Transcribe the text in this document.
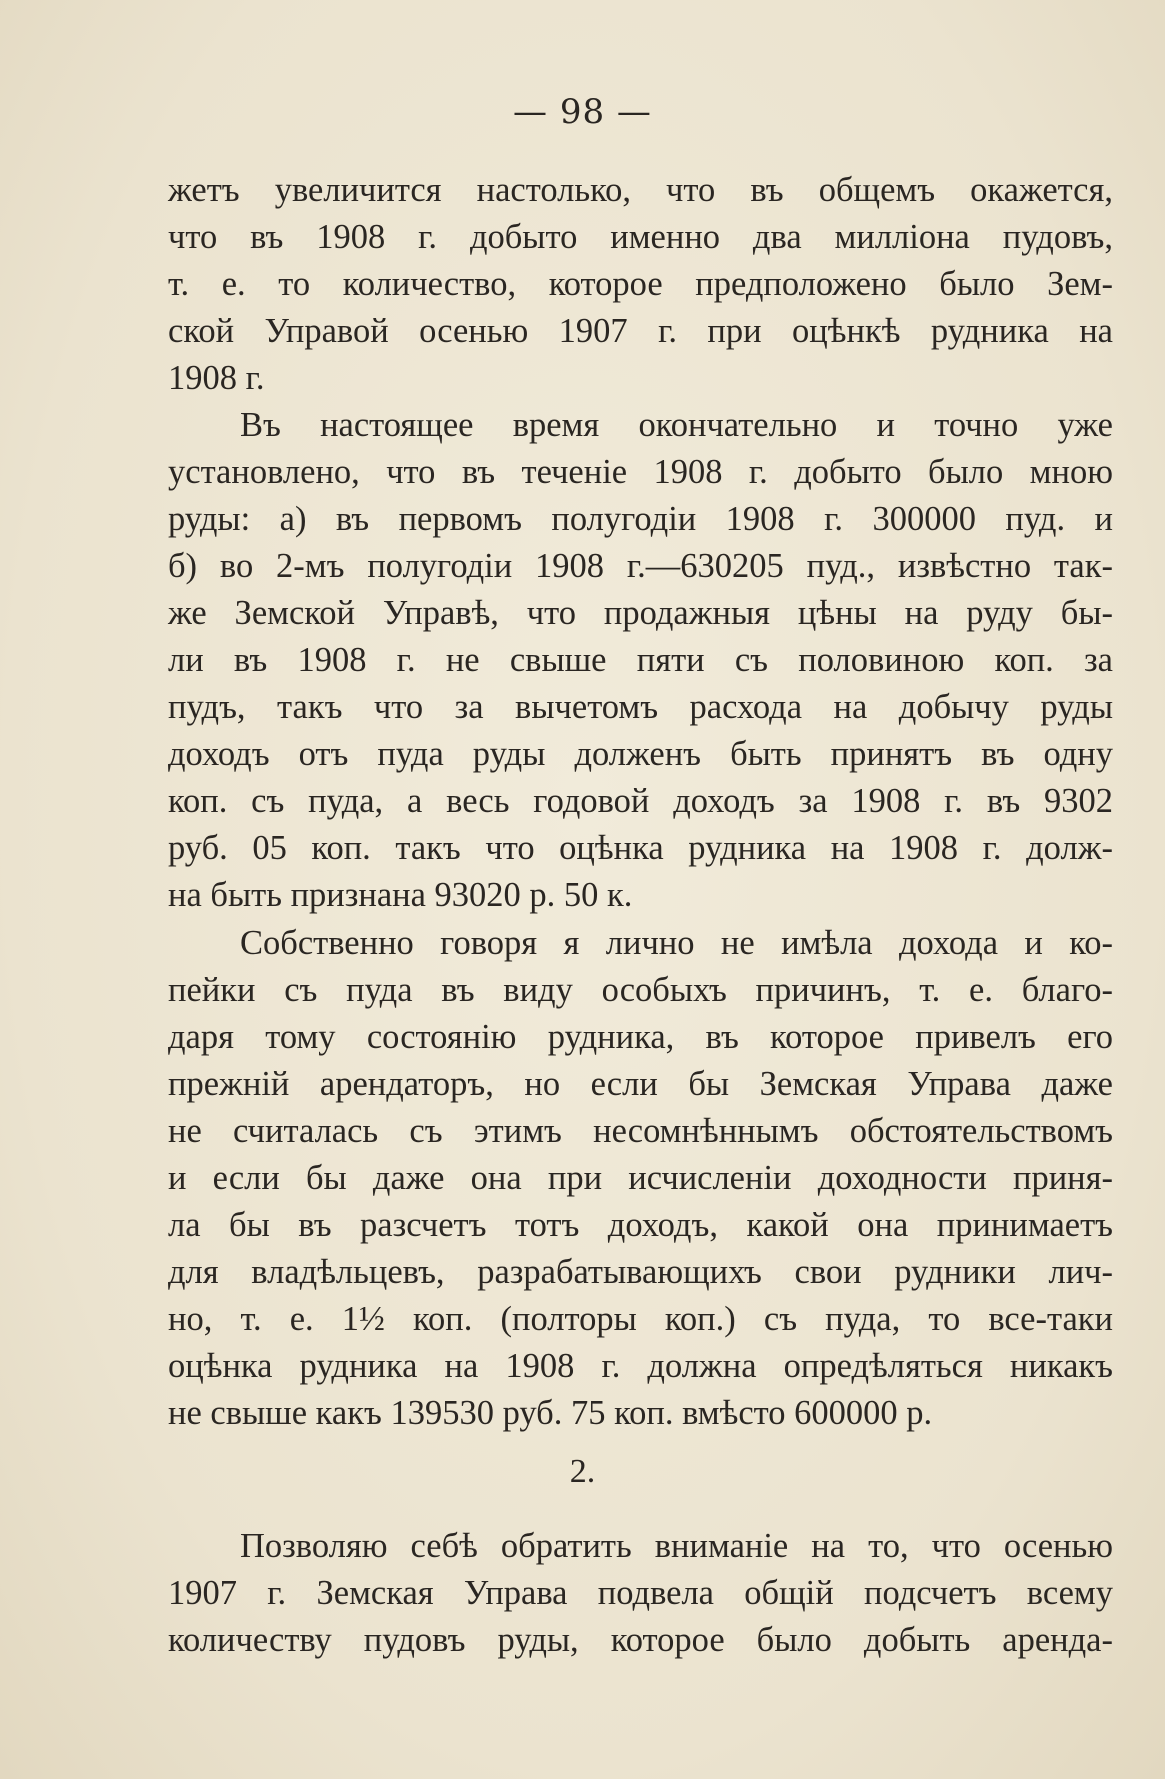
— 98 —
жетъ увеличится настолько, что въ общемъ окажется,
что въ 1908 г. добыто именно два милліона пудовъ,
т. е. то количество, которое предположено было Зем-
ской Управой осенью 1907 г. при оцѣнкѣ рудника на
1908 г.
Въ настоящее время окончательно и точно уже
установлено, что въ теченіе 1908 г. добыто было мною
руды: а) въ первомъ полугодіи 1908 г. 300000 пуд. и
б) во 2-мъ полугодіи 1908 г.—630205 пуд., извѣстно так-
же Земской Управѣ, что продажныя цѣны на руду бы-
ли въ 1908 г. не свыше пяти съ половиною коп. за
пудъ, такъ что за вычетомъ расхода на добычу руды
доходъ отъ пуда руды долженъ быть принятъ въ одну
коп. съ пуда, а весь годовой доходъ за 1908 г. въ 9302
руб. 05 коп. такъ что оцѣнка рудника на 1908 г. долж-
на быть признана 93020 р. 50 к.
Собственно говоря я лично не имѣла дохода и ко-
пейки съ пуда въ виду особыхъ причинъ, т. е. благо-
даря тому состоянію рудника, въ которое привелъ его
прежній арендаторъ, но если бы Земская Управа даже
не считалась съ этимъ несомнѣннымъ обстоятельствомъ
и если бы даже она при исчисленіи доходности приня-
ла бы въ разсчетъ тотъ доходъ, какой она принимаетъ
для владѣльцевъ, разрабатывающихъ свои рудники лич-
но, т. е. 1½ коп. (полторы коп.) съ пуда, то все-таки
оцѣнка рудника на 1908 г. должна опредѣляться никакъ
не свыше какъ 139530 руб. 75 коп. вмѣсто 600000 р.
2.
Позволяю себѣ обратить вниманіе на то, что осенью
1907 г. Земская Управа подвела общій подсчетъ всему
количеству пудовъ руды, которое было добыть аренда-
